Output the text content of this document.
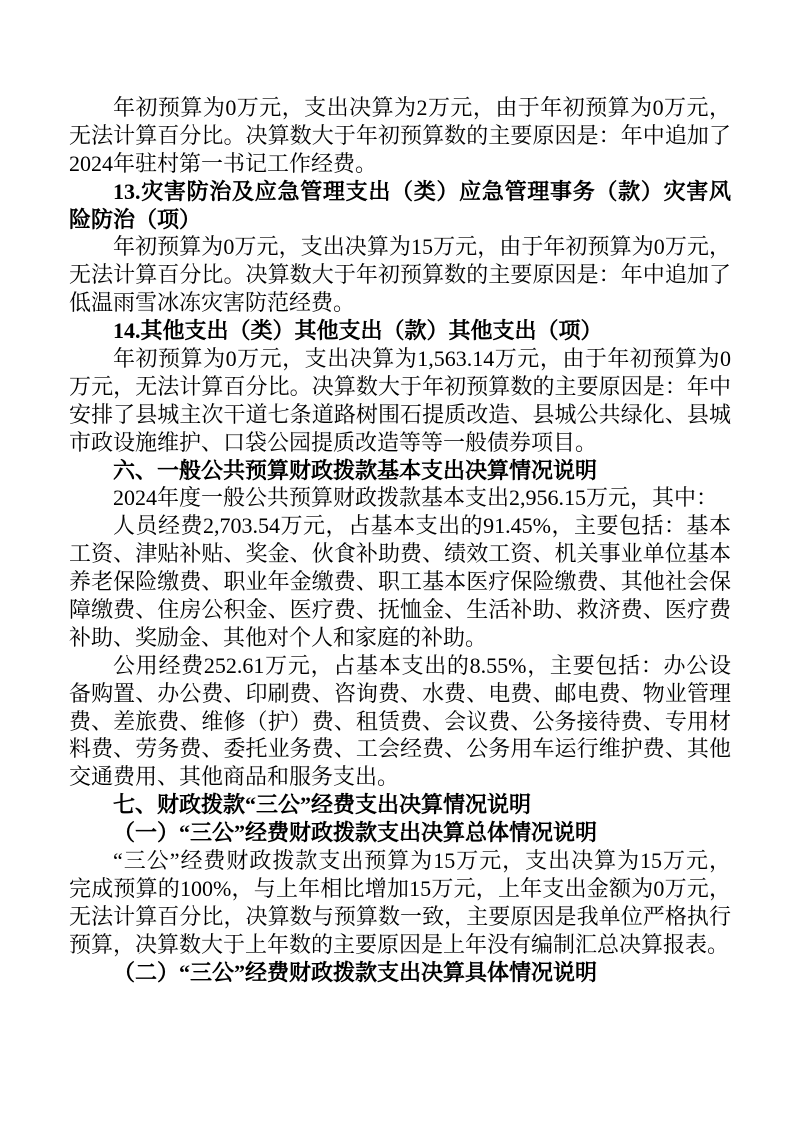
年初预算为0万元，支出决算为2万元，由于年初预算为0万元，
无法计算百分比。决算数大于年初预算数的主要原因是：年中追加了
2024年驻村第一书记工作经费。
13.灾害防治及应急管理支出（类）应急管理事务（款）灾害风
险防治（项）
年初预算为0万元，支出决算为15万元，由于年初预算为0万元，
无法计算百分比。决算数大于年初预算数的主要原因是：年中追加了
低温雨雪冰冻灾害防范经费。
14.其他支出（类）其他支出（款）其他支出（项）
年初预算为0万元，支出决算为1,563.14万元，由于年初预算为0
万元，无法计算百分比。决算数大于年初预算数的主要原因是：年中
安排了县城主次干道七条道路树围石提质改造、县城公共绿化、县城
市政设施维护、口袋公园提质改造等等一般债券项目。
六、一般公共预算财政拨款基本支出决算情况说明
2024年度一般公共预算财政拨款基本支出2,956.15万元，其中：
人员经费2,703.54万元，占基本支出的91.45%，主要包括：基本
工资、津贴补贴、奖金、伙食补助费、绩效工资、机关事业单位基本
养老保险缴费、职业年金缴费、职工基本医疗保险缴费、其他社会保
障缴费、住房公积金、医疗费、抚恤金、生活补助、救济费、医疗费
补助、奖励金、其他对个人和家庭的补助。
公用经费252.61万元，占基本支出的8.55%，主要包括：办公设
备购置、办公费、印刷费、咨询费、水费、电费、邮电费、物业管理
费、差旅费、维修（护）费、租赁费、会议费、公务接待费、专用材
料费、劳务费、委托业务费、工会经费、公务用车运行维护费、其他
交通费用、其他商品和服务支出。
七、财政拨款“三公”经费支出决算情况说明
（一）“三公”经费财政拨款支出决算总体情况说明
“三公”经费财政拨款支出预算为15万元，支出决算为15万元，
完成预算的100%，与上年相比增加15万元，上年支出金额为0万元，
无法计算百分比，决算数与预算数一致，主要原因是我单位严格执行
预算，决算数大于上年数的主要原因是上年没有编制汇总决算报表。
（二）“三公”经费财政拨款支出决算具体情况说明
